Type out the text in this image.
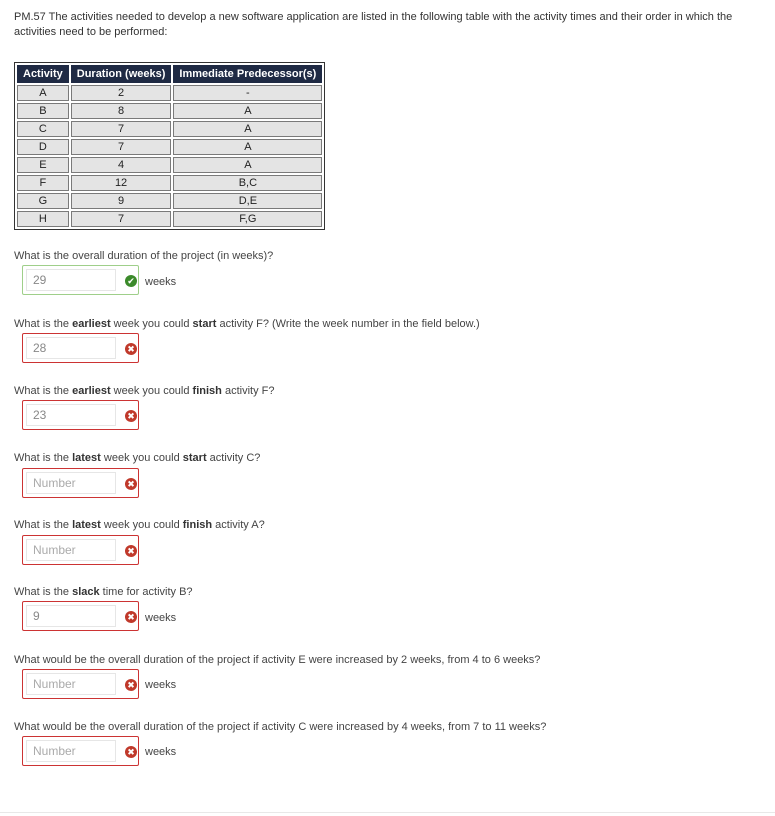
PM.57 The activities needed to develop a new software application are listed in the following table with the activity times and their order in which the activities need to be performed:
Activity	Duration (weeks)	Immediate Predecessor(s)
A	2	-
B	8	A
C	7	A
D	7	A
E	4	A
F	12	B,C
G	9	D,E
H	7	F,G
What is the overall duration of the project (in weeks)?
29
✔ weeks
What is the earliest week you could start activity F? (Write the week number in the field below.)
28
✖
What is the earliest week you could finish activity F?
23
✖
What is the latest week you could start activity C?
Number
✖
What is the latest week you could finish activity A?
Number
✖
What is the slack time for activity B?
9
✖ weeks
What would be the overall duration of the project if activity E were increased by 2 weeks, from 4 to 6 weeks?
Number
✖ weeks
What would be the overall duration of the project if activity C were increased by 4 weeks, from 7 to 11 weeks?
Number
✖ weeks
